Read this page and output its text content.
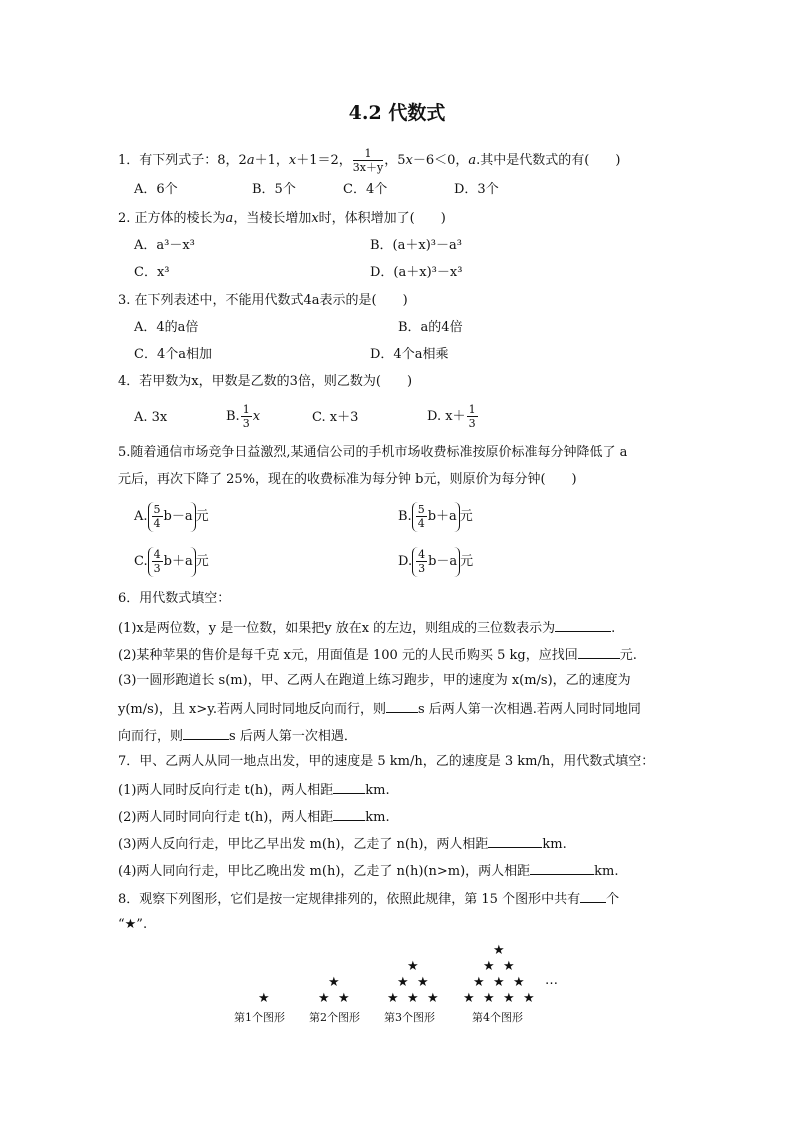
4.2 代数式
1．有下列式子：8，2a＋1，x＋1＝2， $\frac{1}{3x+y}$ ，5x－6＜0，a.其中是代数式的有(　　)
A．6个	B．5个	C．4个	D．3个
2. 正方体的棱长为a，当棱长增加x时，体积增加了(　　)
A．a³－x³	B．(a＋x)³－a³
C．x³	D．(a＋x)³－x³
3. 在下列表述中，不能用代数式4a表示的是(　　)
A．4的a倍	B．a的4倍
C．4个a相加	D．4个a相乘
4．若甲数为x，甲数是乙数的3倍，则乙数为(　　)
A. 3x	B. $\frac{1}{3}$ x	C. x＋3	D. $x+ \frac{1}{3}$
5.随着通信市场竞争日益激烈,某通信公司的手机市场收费标准按原价标准每分钟降低了 a
元后，再次下降了 25%，现在的收费标准为每分钟 b元，则原价为每分钟(　　)
A. $\frac{5}{4} b-a$ 元	B. $\frac{5}{4} b+a$ 元
C. $\frac{4}{3} b+a$ 元	D. $\frac{4}{3} b-a$ 元
6．用代数式填空：
(1)x是两位数，y 是一位数，如果把y 放在x 的左边，则组成的三位数表示为	.
(2)某种苹果的售价是每千克 x元，用面值是 100 元的人民币购买 5 kg，应找回	元.
(3)一圆形跑道长 s(m)，甲、乙两人在跑道上练习跑步，甲的速度为 x(m/s)，乙的速度为
y(m/s)，且 x>y.若两人同时同地反向而行，则 s 后两人第一次相遇.若两人同时同地同
向而行，则	s 后两人第一次相遇．
7．甲、乙两人从同一地点出发，甲的速度是 5 km/h，乙的速度是 3 km/h，用代数式填空：
(1)两人同时反向行走 t(h)，两人相距 km.
(2)两人同时同向行走 t(h)，两人相距 km.
(3)两人反向行走，甲比乙早出发 m(h)，乙走了 n(h)，两人相距	km.
(4)两人同向行走，甲比乙晚出发 m(h)，乙走了 n(h)(n>m)，两人相距	km.
8．观察下列图形，它们是按一定规律排列的，依照此规律，第 15 个图形中共有 个
“★”.
★
★
★ ★
★
★ ★
★ ★ ★
★
★ ★
★ ★ ★
★ ★ ★ ★
…
第1个图形 第2个图形 第3个图形	第4个图形
